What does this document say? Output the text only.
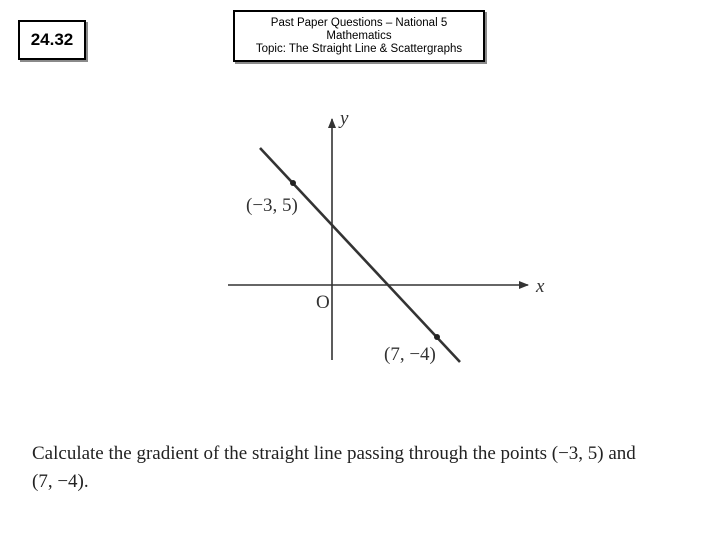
24.32
Past Paper Questions – National 5
Mathematics
Topic: The Straight Line & Scattergraphs
y
x
O
(−3, 5)
(7, −4)
Calculate the gradient of the straight line passing through the points (−3, 5) and
(7, −4).
